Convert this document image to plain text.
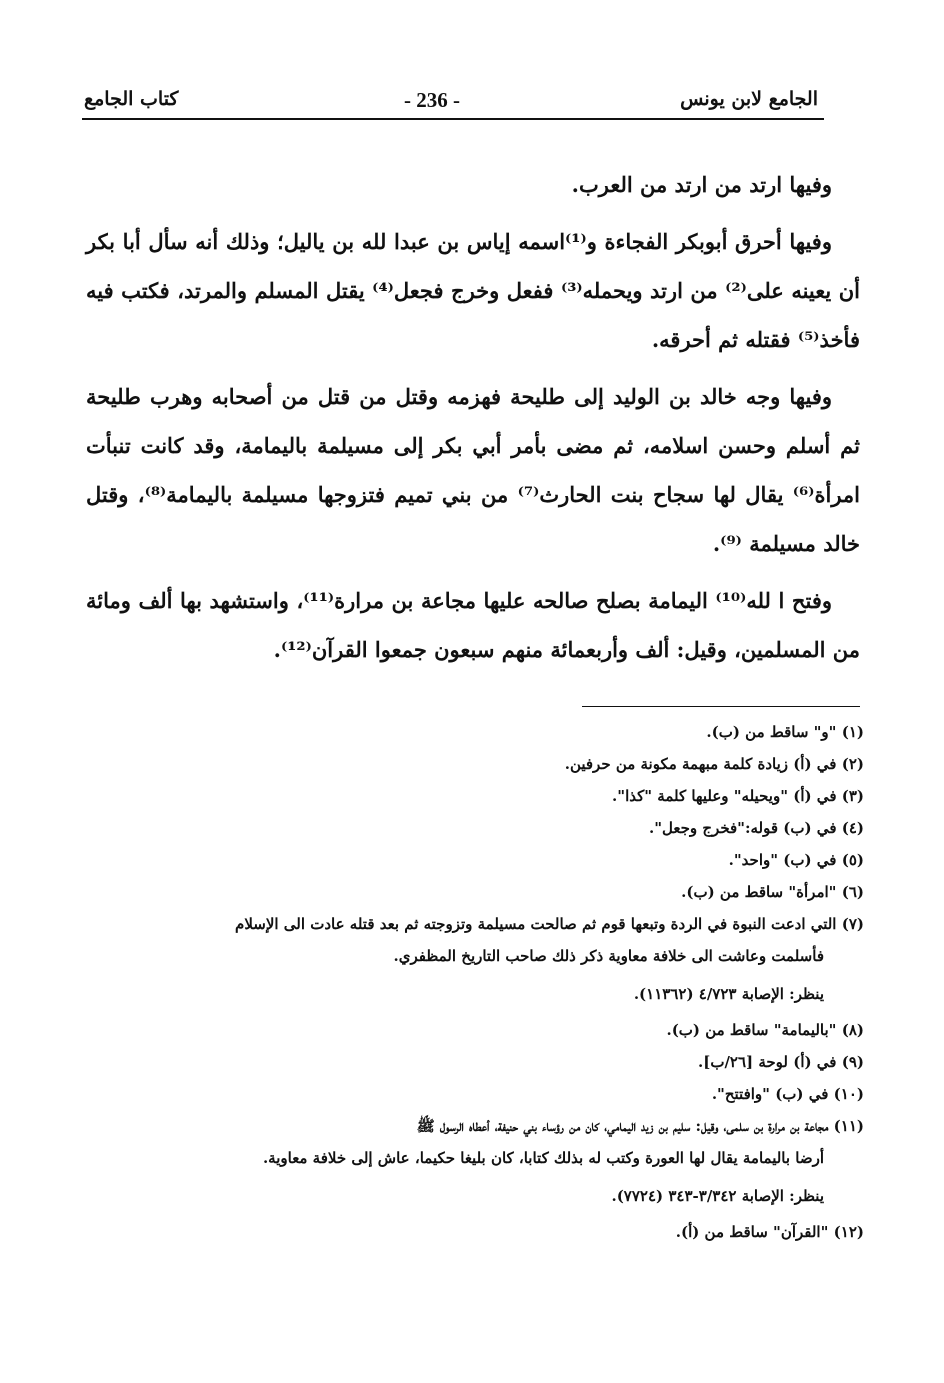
الجامع لابن يونس
- 236 -
كتاب الجامع

وفيها ارتد من ارتد من العرب.

وفيها أحرق أبوبكر الفجاءة و⁽¹⁾اسمه إياس بن عبدا لله بن ياليل؛ وذلك أنه سأل أبا بكر أن يعينه على⁽²⁾ من ارتد ويحمله⁽³⁾ ففعل وخرج فجعل⁽⁴⁾ يقتل المسلم والمرتد، فكتب فيه فأخذ⁽⁵⁾ فقتله ثم أحرقه.

وفيها وجه خالد بن الوليد إلى طليحة فهزمه وقتل من قتل من أصحابه وهرب طليحة ثم أسلم وحسن اسلامه، ثم مضى بأمر أبي بكر إلى مسيلمة باليمامة، وقد كانت تنبأت امرأة⁽⁶⁾ يقال لها سجاح بنت الحارث⁽⁷⁾ من بني تميم فتزوجها مسيلمة باليمامة⁽⁸⁾، وقتل خالد مسيلمة ⁽⁹⁾.

وفتح ا لله⁽¹⁰⁾ اليمامة بصلح صالحه عليها مجاعة بن مرارة⁽¹¹⁾، واستشهد بها ألف ومائة من المسلمين، وقيل: ألف وأربعمائة منهم سبعون جمعوا القرآن⁽¹²⁾.

(١) "و" ساقط من (ب).
(٢) في (أ) زيادة كلمة مبهمة مكونة من حرفين.
(٣) في (أ) "ويحيله" وعليها كلمة "كذا".
(٤) في (ب) قوله:"فخرج وجعل".
(٥) في (ب) "واحد".
(٦) "امرأة" ساقط من (ب).
(٧) التي ادعت النبوة في الردة وتبعها قوم ثم صالحت مسيلمة وتزوجته ثم بعد قتله عادت الى الإسلام
فأسلمت وعاشت الى خلافة معاوية ذكر ذلك صاحب التاريخ المظفري.
ينظر: الإصابة ٤/٧٢٣ (١١٣٦٢).
(٨) "باليمامة" ساقط من (ب).
(٩) في (أ) لوحة [٢٦/ب].
(١٠) في (ب) "وافتتح".
(١١) مجاعة بن مرارة بن سلمى، وقيل: سليم بن زيد اليمامي، كان من رؤساء بني حنيفة، أعطاه الرسول ﷺ
أرضا باليمامة يقال لها العورة وكتب له بذلك كتابا، كان بليغا حكيما، عاش إلى خلافة معاوية.
ينظر: الإصابة ٣/٣٤٢-٣٤٣ (٧٧٢٤).
(١٢) "القرآن" ساقط من (أ).
